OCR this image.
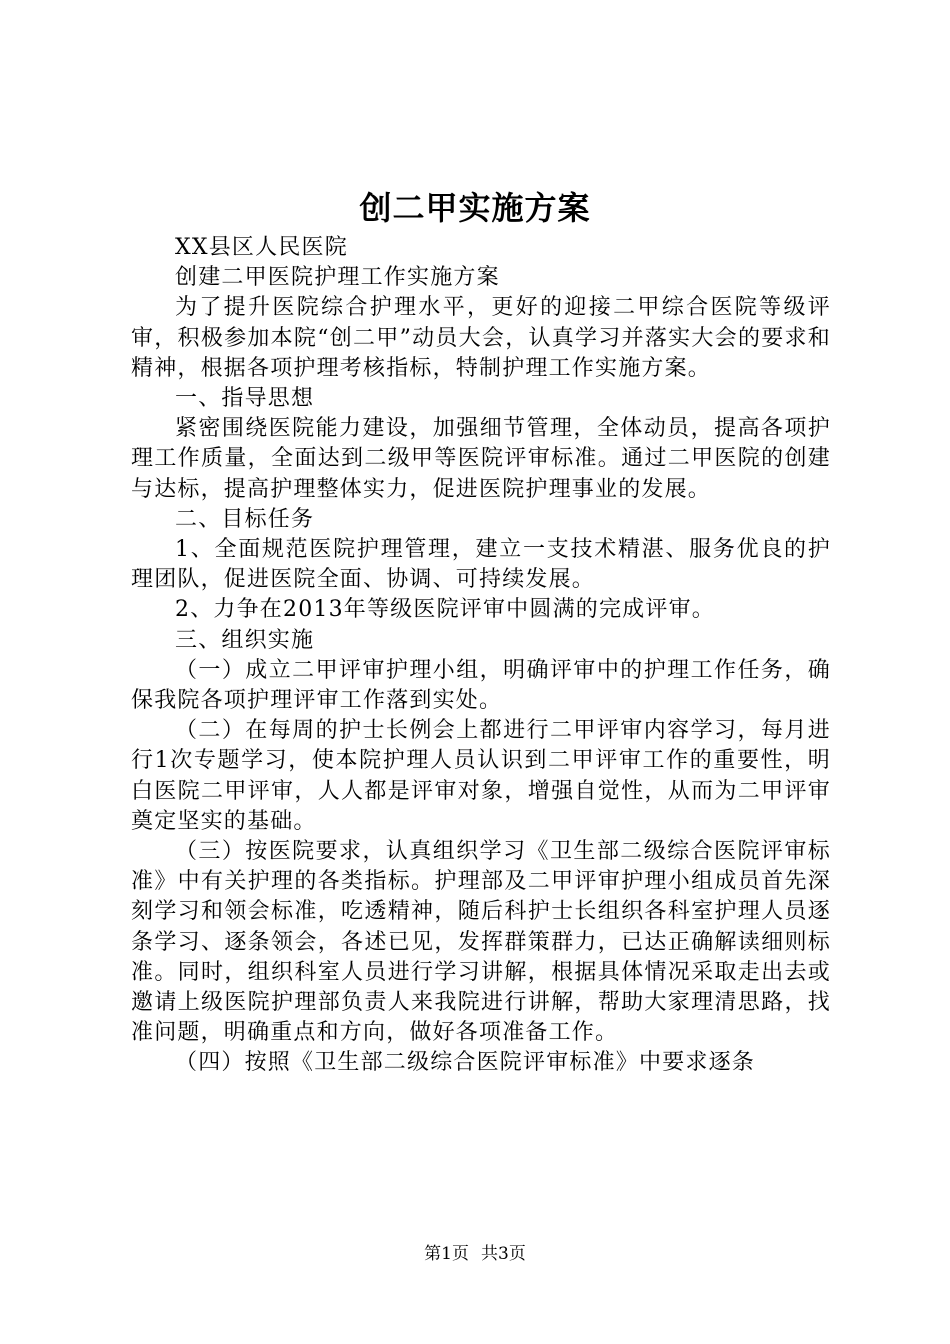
创二甲实施方案

XX县区人民医院

创建二甲医院护理工作实施方案

为了提升医院综合护理水平，更好的迎接二甲综合医院等级评审，积极参加本院“创二甲”动员大会，认真学习并落实大会的要求和精神，根据各项护理考核指标，特制护理工作实施方案。

一、指导思想

紧密围绕医院能力建设，加强细节管理，全体动员，提高各项护理工作质量，全面达到二级甲等医院评审标准。通过二甲医院的创建与达标，提高护理整体实力，促进医院护理事业的发展。

二、目标任务

1、全面规范医院护理管理，建立一支技术精湛、服务优良的护理团队，促进医院全面、协调、可持续发展。

2、力争在2013年等级医院评审中圆满的完成评审。

三、组织实施

（一）成立二甲评审护理小组，明确评审中的护理工作任务，确保我院各项护理评审工作落到实处。

（二）在每周的护士长例会上都进行二甲评审内容学习，每月进行1次专题学习，使本院护理人员认识到二甲评审工作的重要性，明白医院二甲评审，人人都是评审对象，增强自觉性，从而为二甲评审奠定坚实的基础。

（三）按医院要求，认真组织学习《卫生部二级综合医院评审标准》中有关护理的各类指标。护理部及二甲评审护理小组成员首先深刻学习和领会标准，吃透精神，随后科护士长组织各科室护理人员逐条学习、逐条领会，各述已见，发挥群策群力，已达正确解读细则标准。同时，组织科室人员进行学习讲解，根据具体情况采取走出去或邀请上级医院护理部负责人来我院进行讲解，帮助大家理清思路，找准问题，明确重点和方向，做好各项准备工作。

（四）按照《卫生部二级综合医院评审标准》中要求逐条

第1页 共3页
